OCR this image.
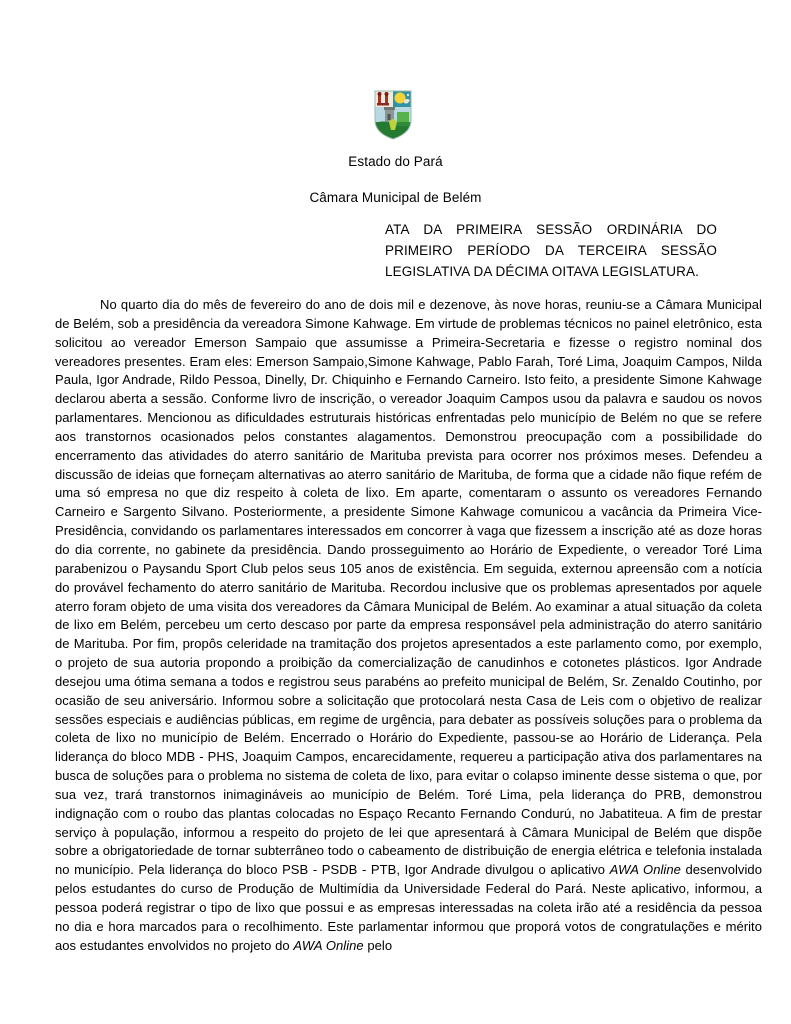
Estado do Pará
Câmara Municipal de Belém
ATA DA PRIMEIRA SESSÃO ORDINÁRIA DO PRIMEIRO PERÍODO DA TERCEIRA SESSÃO LEGISLATIVA DA DÉCIMA OITAVA LEGISLATURA.
No quarto dia do mês de fevereiro do ano de dois mil e dezenove, às nove horas, reuniu-se a Câmara Municipal de Belém, sob a presidência da vereadora Simone Kahwage. Em virtude de problemas técnicos no painel eletrônico, esta solicitou ao vereador Emerson Sampaio que assumisse a Primeira-Secretaria e fizesse o registro nominal dos vereadores presentes. Eram eles: Emerson Sampaio,Simone Kahwage, Pablo Farah, Toré Lima, Joaquim Campos, Nilda Paula, Igor Andrade, Rildo Pessoa, Dinelly, Dr. Chiquinho e Fernando Carneiro. Isto feito, a presidente Simone Kahwage declarou aberta a sessão. Conforme livro de inscrição, o vereador Joaquim Campos usou da palavra e saudou os novos parlamentares. Mencionou as dificuldades estruturais históricas enfrentadas pelo município de Belém no que se refere aos transtornos ocasionados pelos constantes alagamentos. Demonstrou preocupação com a possibilidade do encerramento das atividades do aterro sanitário de Marituba prevista para ocorrer nos próximos meses. Defendeu a discussão de ideias que forneçam alternativas ao aterro sanitário de Marituba, de forma que a cidade não fique refém de uma só empresa no que diz respeito à coleta de lixo. Em aparte, comentaram o assunto os vereadores Fernando Carneiro e Sargento Silvano. Posteriormente, a presidente Simone Kahwage comunicou a vacância da Primeira Vice-Presidência, convidando os parlamentares interessados em concorrer à vaga que fizessem a inscrição até as doze horas do dia corrente, no gabinete da presidência. Dando prosseguimento ao Horário de Expediente, o vereador Toré Lima parabenizou o Paysandu Sport Club pelos seus 105 anos de existência. Em seguida, externou apreensão com a notícia do provável fechamento do aterro sanitário de Marituba. Recordou inclusive que os problemas apresentados por aquele aterro foram objeto de uma visita dos vereadores da Câmara Municipal de Belém. Ao examinar a atual situação da coleta de lixo em Belém, percebeu um certo descaso por parte da empresa responsável pela administração do aterro sanitário de Marituba. Por fim, propôs celeridade na tramitação dos projetos apresentados a este parlamento como, por exemplo, o projeto de sua autoria propondo a proibição da comercialização de canudinhos e cotonetes plásticos. Igor Andrade desejou uma ótima semana a todos e registrou seus parabéns ao prefeito municipal de Belém, Sr. Zenaldo Coutinho, por ocasião de seu aniversário. Informou sobre a solicitação que protocolará nesta Casa de Leis com o objetivo de realizar sessões especiais e audiências públicas, em regime de urgência, para debater as possíveis soluções para o problema da coleta de lixo no município de Belém. Encerrado o Horário do Expediente, passou-se ao Horário de Liderança. Pela liderança do bloco MDB - PHS, Joaquim Campos, encarecidamente, requereu a participação ativa dos parlamentares na busca de soluções para o problema no sistema de coleta de lixo, para evitar o colapso iminente desse sistema o que, por sua vez, trará transtornos inimagináveis ao município de Belém. Toré Lima, pela liderança do PRB, demonstrou indignação com o roubo das plantas colocadas no Espaço Recanto Fernando Condurú, no Jabatiteua. A fim de prestar serviço à população, informou a respeito do projeto de lei que apresentará à Câmara Municipal de Belém que dispõe sobre a obrigatoriedade de tornar subterrâneo todo o cabeamento de distribuição de energia elétrica e telefonia instalada no município. Pela liderança do bloco PSB - PSDB - PTB, Igor Andrade divulgou o aplicativo AWA Online desenvolvido pelos estudantes do curso de Produção de Multimídia da Universidade Federal do Pará. Neste aplicativo, informou, a pessoa poderá registrar o tipo de lixo que possui e as empresas interessadas na coleta irão até a residência da pessoa no dia e hora marcados para o recolhimento. Este parlamentar informou que proporá votos de congratulações e mérito aos estudantes envolvidos no projeto do AWA Online pelo
